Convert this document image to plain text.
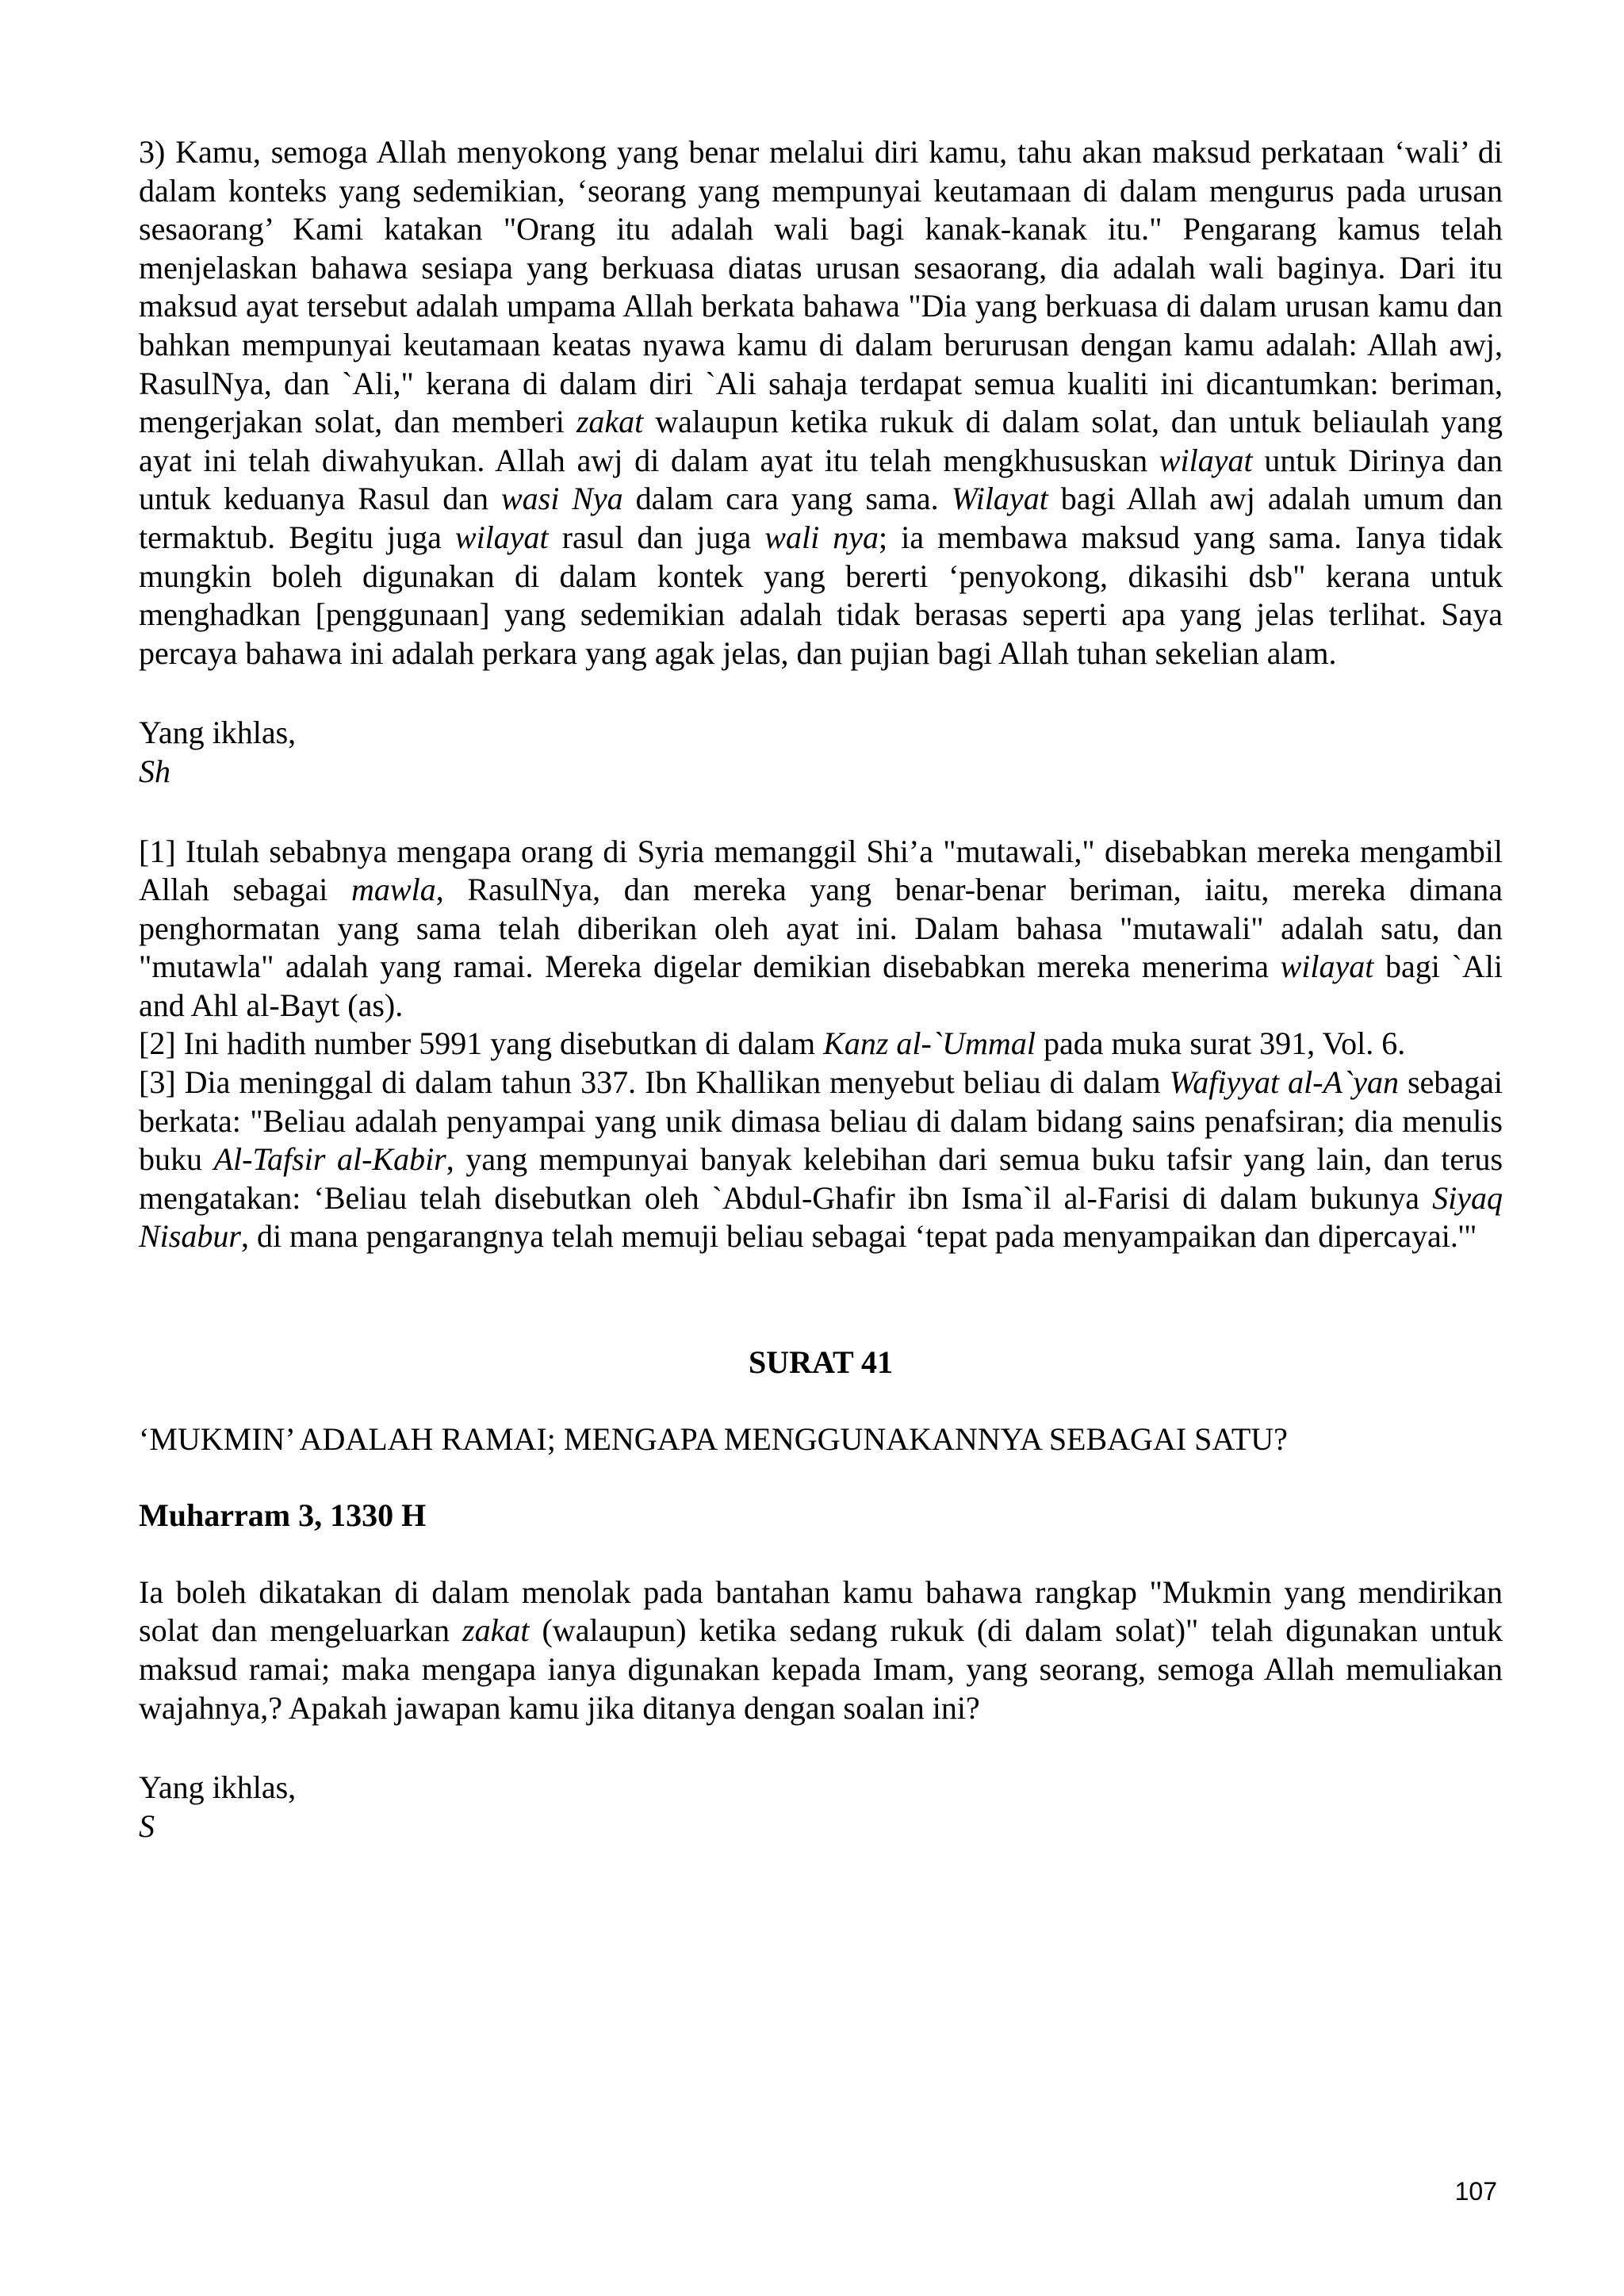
3) Kamu, semoga Allah menyokong yang benar melalui diri kamu, tahu akan maksud perkataan ‘wali’ di dalam konteks yang sedemikian, ‘seorang yang mempunyai keutamaan di dalam mengurus pada urusan sesaorang’ Kami katakan "Orang itu adalah wali bagi kanak-kanak itu." Pengarang kamus telah menjelaskan bahawa sesiapa yang berkuasa diatas urusan sesaorang, dia adalah wali baginya. Dari itu maksud ayat tersebut adalah umpama Allah berkata bahawa "Dia yang berkuasa di dalam urusan kamu dan bahkan mempunyai keutamaan keatas nyawa kamu di dalam berurusan dengan kamu adalah: Allah awj, RasulNya, dan `Ali," kerana di dalam diri `Ali sahaja terdapat semua kualiti ini dicantumkan: beriman, mengerjakan solat, dan memberi zakat walaupun ketika rukuk di dalam solat, dan untuk beliaulah yang ayat ini telah diwahyukan. Allah awj di dalam ayat itu telah mengkhususkan wilayat untuk Dirinya dan untuk keduanya Rasul dan wasi Nya dalam cara yang sama. Wilayat bagi Allah awj adalah umum dan termaktub. Begitu juga wilayat rasul dan juga wali nya; ia membawa maksud yang sama. Ianya tidak mungkin boleh digunakan di dalam kontek yang bererti ‘penyokong, dikasihi dsb" kerana untuk menghadkan [penggunaan] yang sedemikian adalah tidak berasas seperti apa yang jelas terlihat. Saya percaya bahawa ini adalah perkara yang agak jelas, dan pujian bagi Allah tuhan sekelian alam.

Yang ikhlas,

Sh

[1] Itulah sebabnya mengapa orang di Syria memanggil Shi’a "mutawali," disebabkan mereka mengambil Allah sebagai mawla, RasulNya, dan mereka yang benar-benar beriman, iaitu, mereka dimana penghormatan yang sama telah diberikan oleh ayat ini. Dalam bahasa "mutawali" adalah satu, dan "mutawla" adalah yang ramai. Mereka digelar demikian disebabkan mereka menerima wilayat bagi `Ali and Ahl al-Bayt (as).

[2] Ini hadith number 5991 yang disebutkan di dalam Kanz al-`Ummal pada muka surat 391, Vol. 6.

[3] Dia meninggal di dalam tahun 337. Ibn Khallikan menyebut beliau di dalam Wafiyyat al-A`yan sebagai berkata: "Beliau adalah penyampai yang unik dimasa beliau di dalam bidang sains penafsiran; dia menulis buku Al-Tafsir al-Kabir, yang mempunyai banyak kelebihan dari semua buku tafsir yang lain, dan terus mengatakan: ‘Beliau telah disebutkan oleh `Abdul-Ghafir ibn Isma`il al-Farisi di dalam bukunya Siyaq Nisabur, di mana pengarangnya telah memuji beliau sebagai ‘tepat pada menyampaikan dan dipercayai.'"

SURAT 41

‘MUKMIN’ ADALAH RAMAI; MENGAPA MENGGUNAKANNYA SEBAGAI SATU?

Muharram 3, 1330 H

Ia boleh dikatakan di dalam menolak pada bantahan kamu bahawa rangkap "Mukmin yang mendirikan solat dan mengeluarkan zakat (walaupun) ketika sedang rukuk (di dalam solat)" telah digunakan untuk maksud ramai; maka mengapa ianya digunakan kepada Imam, yang seorang, semoga Allah memuliakan wajahnya,? Apakah jawapan kamu jika ditanya dengan soalan ini?

Yang ikhlas,

S

107
